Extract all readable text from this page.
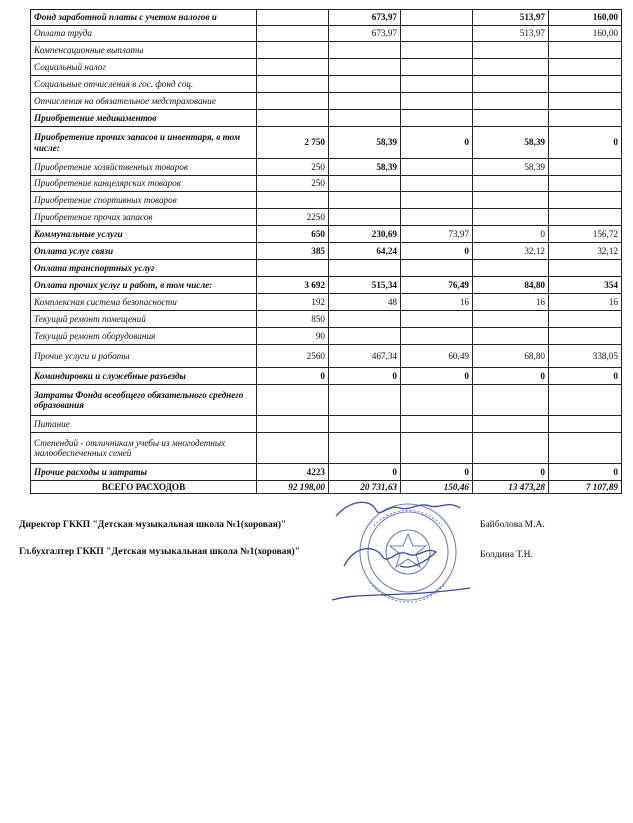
Фонд заработной платы с учетом налогов и		673,97		513,97	160,00
Оплата труда		673,97		513,97	160,00
Компенсационные выплаты					
Социальный налог					
Социальные отчисления в гос. фонд соц.					
Отчисления на обязательное медстрахование					
Приобретение медикаментов					
Приобретение прочих запасов и инвентаря, в том числе:	2 750	58,39	0	58,39	0
Приобретение хозяйственных товаров	250	58,39		58,39	
Приобретение канцелярских товаров	250				
Приобретение спортивных товаров					
Приобретение прочих запасов	2250				
Коммунальные услуги	650	230,69	73,97	0	156,72
Оплата услуг связи	385	64,24	0	32,12	32,12
Оплата транспортных услуг					
Оплата прочих услуг и работ, в том числе:	3 692	515,34	76,49	84,80	354
Комплексная система безопасности	192	48	16	16	16
Текущий ремонт помещений	850				
Текущий ремонт оборудования	90				
Прочие услуги и работы	2560	467,34	60,49	68,80	338,05
Командировки и служебные разъезды	0	0	0	0	0
Затраты Фонда всеобщего обязательного среднего образования					
Питание					
Степендий - отличникам учебы из многодетных малообеспеченных семей					
Прочие расходы и затраты	4223	0	0	0	0
ВСЕГО РАСХОДОВ	92 198,00	20 731,63	150,46	13 473,28	7 107,89
Директор ГККП "Детская музыкальная школа №1(хоровая)"	Байболова М.А.
Гл.бухгалтер ГККП "Детская музыкальная школа №1(хоровая)"	Болдина Т.Н.
